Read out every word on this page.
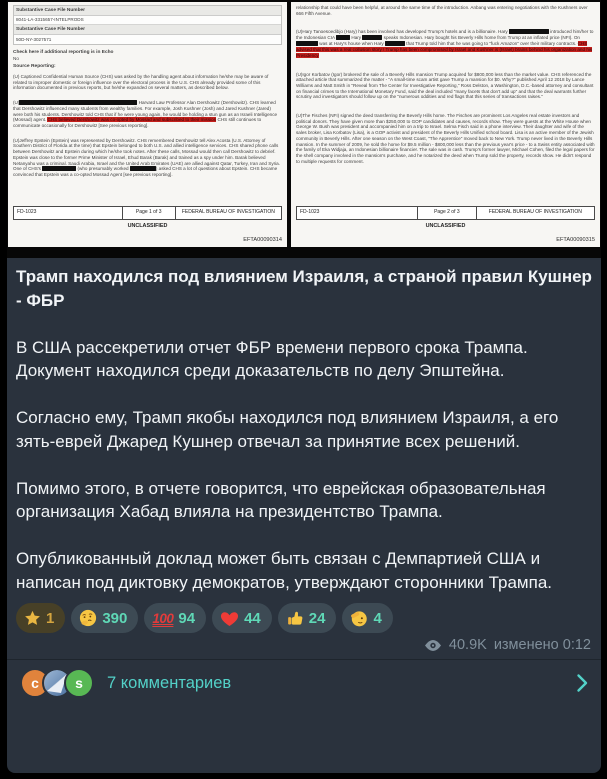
Substantive Case File Number
8041-LA-3315657-INTELPRODS
Substantive Case File Number
50D-NY-3027571
Check here if additional reporting is in Echo
No
Source Reporting:

(U) Captioned Confidential Human Source (CHS) was asked by the handling agent about information he/she may be aware of related to improper domestic or foreign influence over the electoral process in the U.S. CHS already provided some of this information documented in previous reports, but he/she expanded on several matters, as described below.

(U)	Harvard Law Professor Alan Dershowitz (Dershowitz). CHS learned that Dershowitz influenced many students from wealthy families. For example, Josh Kushner (Josh) and Jared Kushner (Jared) were both his students. Dershowitz told CHS that if he were young again, he would be holding a stun gun as an Israeli Intelligence (Mossad) agent. CHS believed Dershowitz was co-opted by Mossad and subscribed to their mission CHS still continues to communicate occasionally for Dershowitz [See previous reporting].

(U)Jeffrey Epstein (Epstein) was represented by Dershowitz. CHS remembered Dershowitz tell Alex Acosta (U.S. Attorney of Southern District of Florida at the time) that Epstein belonged to both U.S. and allied intelligence services. CHS shared phone calls between Dershowitz and Epstein during which he/she took notes. After these calls, Mossad would then call Dershowitz to debrief. Epstein was close to the former Prime Minister of Israel, Ehud Barak (Barak) and trained as a spy under him. Barak believed Netanyahu was a criminal. Saudi Arabia, Israel and the United Arab Emirates (UAE) are allied against Qatar, Turkey, Iran and Syria. One of CHS's	(who presumably worked	) asked CHS a lot of questions about Epstein. CHS became convinced that Epstein was a co-opted Mossad Agent [see previous reporting].

FD-1023	Page 1 of 3	FEDERAL BUREAU OF INVESTIGATION
UNCLASSIFIED
EFTA00090314

relationship that could have been helpful, at around the same time of the introduction. Anbang was entering negotiations with the Kushners over 666 Fifth Avenue.

(U)Hary Tanoesoedibjo (Hary) has been involved has developed Trump's hotels and is a billionaire. Hary	introduced him/her to the Indonesian CIA	Hary	speaks Indonesian. Hary bought his Beverly Hills home from Trump at an inflated price (NFI). On  was at Hary's house when Hary	that Trump told him that he was going to "fuck Amazon" over their military contracts. CHS advised that this was a real collusion story ! Trump has been compromised by Israel and Kushner is (Israel) brains behind his organization and his Presidency

(U)Igor Korbatov (Igor) brokered the sale of a Beverly Hills mansion Trump acquired for $800,000 less than the market value. CHS referenced the attached article that summarized the matter - "A small-time scam artist gave Trump a mansion for $0. Why?" published April 12 2018 by Lance Williams and Matt Smith in "Reveal from The Center for Investigative Reporting," Ross Delston, a Washington, D.C.-based attorney and consultant on financial crimes to the International Monetary Fund, said the deal included "many facets that don't add up" and that the deal warrants further scrutiny and investigators should follow up on the "numerous oddities and red flags that this series of transactions raises."

(U)The Fisches (NFI) signed the deed transferring the Beverly Hills home. The Fisches are prominent Los Angeles real estate investors and political donors. They have given more than $250,000 to GOP candidates and causes, records show. They were guests at the White House when George W. Bush was president and accompanied him on a trip to Israel. Selma Fisch said in a phone interview. Their daughter and wife of the sales broker, Lisa Korbatov (Lisa), is a GOP activist and president of the Beverly Hills Unified school board. Lisa is an active member of the Jewish community in Beverly Hills. After one season on the West Coast, "The Apprentice" moved back to New York. Trump never lived in the Beverly Hills mansion. In the summer of 2009, he sold the home for $9.5 million - $800,000 less than the previous year's price - to a Swiss entity associated with the family of Eka Widjaja, an Indonesian billionaire financier. The sale was in cash. Trump's former lawyer, Michael Cohen, filed the legal papers for the shell company involved in the mansion's purchase, and he notarized the deed when Trump sold the property, records show. He didn't respond to multiple requests for comment.

FD-1023	Page 2 of 3	FEDERAL BUREAU OF INVESTIGATION
UNCLASSIFIED
EFTA00090315
Трамп находился под влиянием Израиля, а страной правил Кушнер - ФБР
В США рассекретили отчет ФБР времени первого срока Трампа. Документ находился среди доказательств по делу Эпштейна.
Согласно ему, Трамп якобы находился под влиянием Израиля, а его зять-еврей Джаред Кушнер отвечал за принятие всех решений.
Помимо этого, в отчете говорится, что еврейская образовательная организация Хабад влияла на президентство Трампа.
Опубликованный доклад может быть связан с Демпартией США и написан под диктовку демократов, утверждают сторонники Трампа.
1	390 100 94	44	24	4
40.9K изменено 0:12
c	s	7 комментариев
